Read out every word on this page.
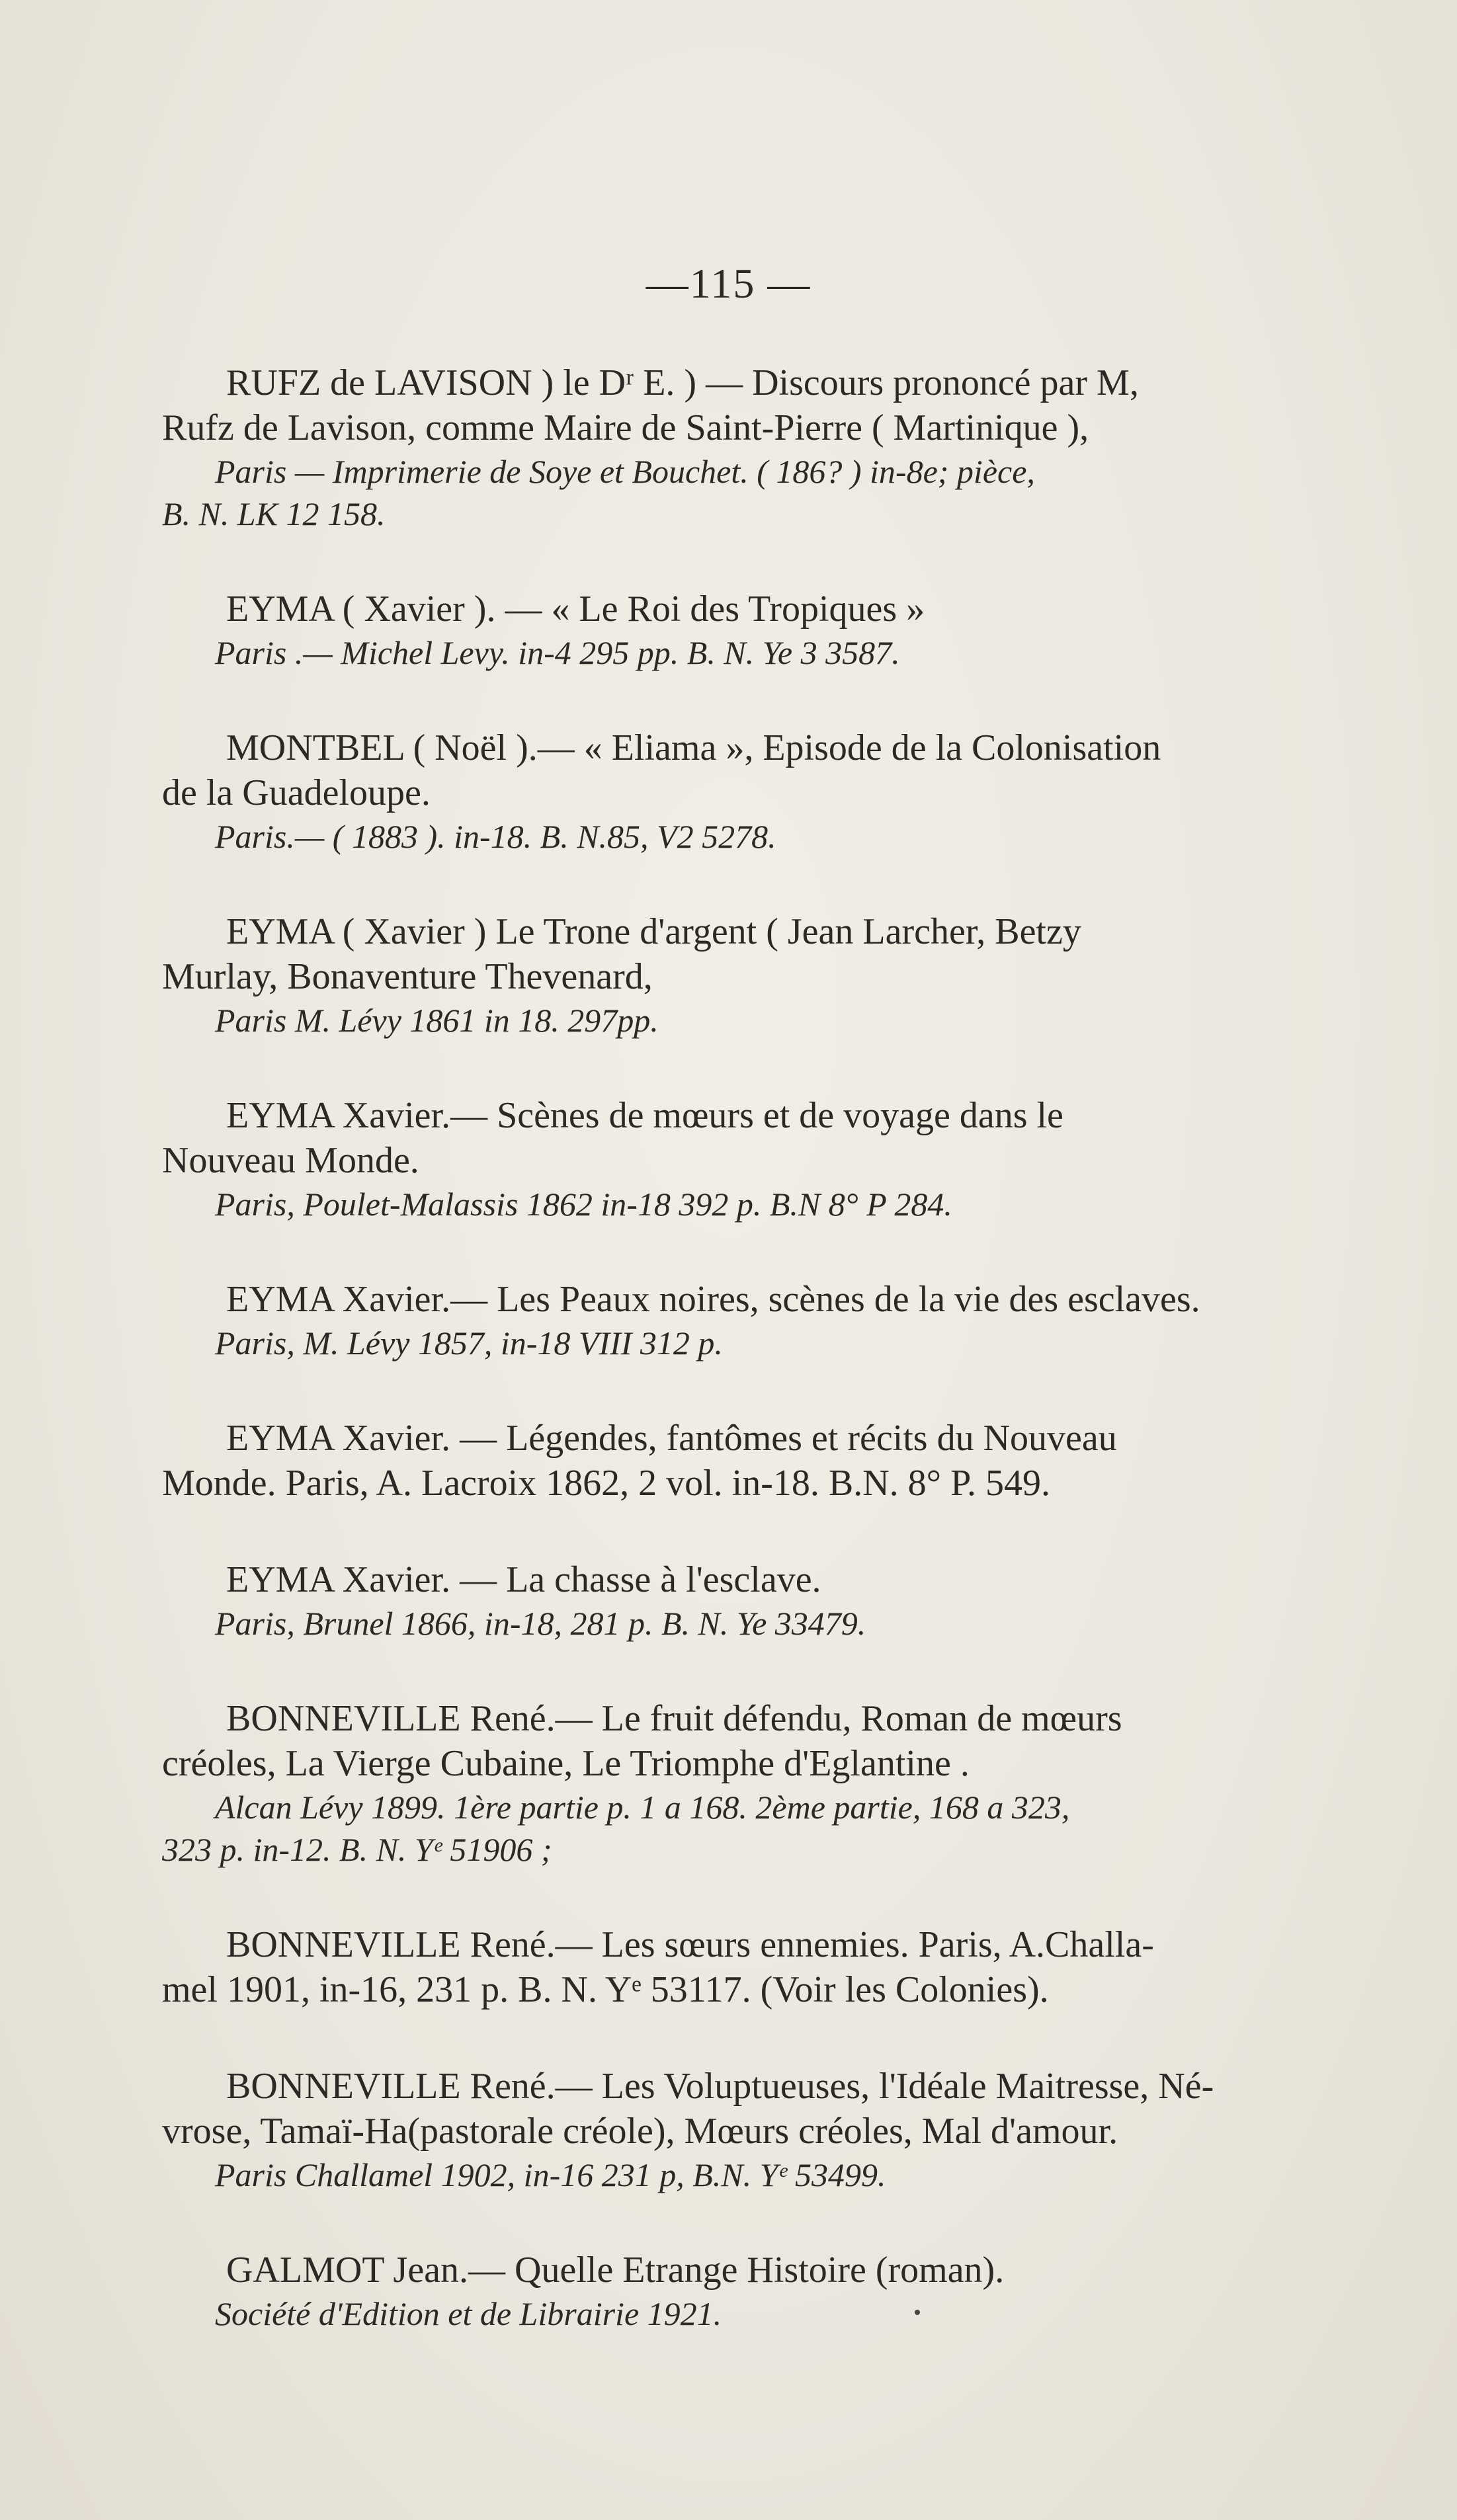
—115 —
RUFZ de LAVISON ) le Dʳ E. ) — Discours prononcé par M,
Rufz de Lavison, comme Maire de Saint-Pierre ( Martinique ),
Paris — Imprimerie de Soye et Bouchet. ( 186? ) in-8e; pièce,
B. N. LK 12 158.
EYMA ( Xavier ). — « Le Roi des Tropiques »
Paris .— Michel Levy. in-4 295 pp. B. N. Ye 3 3587.
MONTBEL ( Noël ).— « Eliama », Episode de la Colonisation
de la Guadeloupe.
Paris.— ( 1883 ). in-18. B. N.85, V2 5278.
EYMA ( Xavier ) Le Trone d'argent ( Jean Larcher, Betzy
Murlay, Bonaventure Thevenard,
Paris M. Lévy 1861 in 18. 297pp.
EYMA Xavier.— Scènes de mœurs et de voyage dans le
Nouveau Monde.
Paris, Poulet-Malassis 1862 in-18 392 p. B.N 8° P 284.
EYMA Xavier.— Les Peaux noires, scènes de la vie des esclaves.
Paris, M. Lévy 1857, in-18 VIII 312 p.
EYMA Xavier. — Légendes, fantômes et récits du Nouveau
Monde. Paris, A. Lacroix 1862, 2 vol. in-18. B.N. 8° P. 549.
EYMA Xavier. — La chasse à l'esclave.
Paris, Brunel 1866, in-18, 281 p. B. N. Ye 33479.
BONNEVILLE René.— Le fruit défendu, Roman de mœurs
créoles, La Vierge Cubaine, Le Triomphe d'Eglantine .
Alcan Lévy 1899. 1ère partie p. 1 a 168. 2ème partie, 168 a 323,
323 p. in-12. B. N. Yᵉ 51906 ;
BONNEVILLE René.— Les sœurs ennemies. Paris, A.Challa-
mel 1901, in-16, 231 p. B. N. Yᵉ 53117. (Voir les Colonies).
BONNEVILLE René.— Les Voluptueuses, l'Idéale Maitresse, Né-
vrose, Tamaï-Ha(pastorale créole), Mœurs créoles, Mal d'amour.
Paris Challamel 1902, in-16 231 p, B.N. Yᵉ 53499.
GALMOT Jean.— Quelle Etrange Histoire (roman).
Société d'Edition et de Librairie 1921.
